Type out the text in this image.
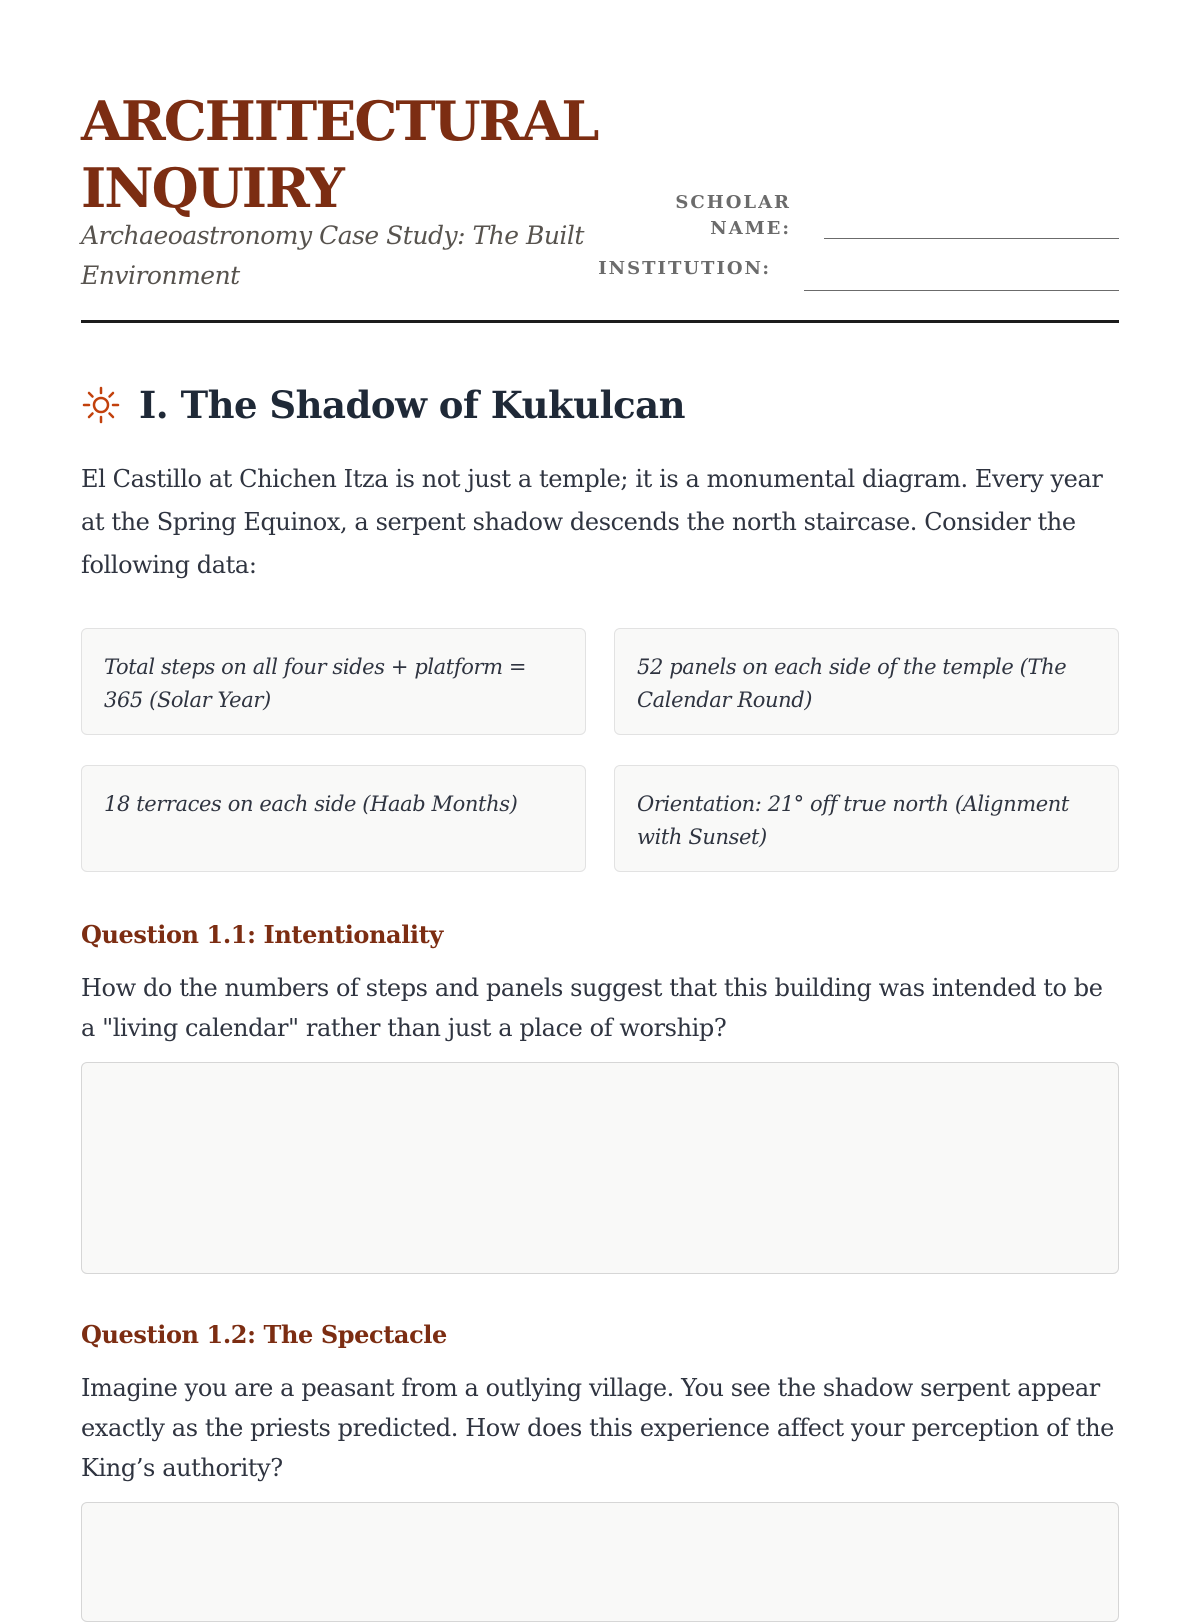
ARCHITECTURAL
INQUIRY
Archaeoastronomy Case Study: The Built Environment
SCHOLAR
NAME:
INSTITUTION:
I. The Shadow of Kukulcan
El Castillo at Chichen Itza is not just a temple; it is a monumental diagram. Every year at the Spring Equinox, a serpent shadow descends the north staircase. Consider the following data:
Total steps on all four sides + platform = 365 (Solar Year)
52 panels on each side of the temple (The Calendar Round)
18 terraces on each side (Haab Months)	Orientation: 21° off true north (Alignment with Sunset)
Question 1.1: Intentionality
How do the numbers of steps and panels suggest that this building was intended to be a "living calendar" rather than just a place of worship?
Question 1.2: The Spectacle
Imagine you are a peasant from a outlying village. You see the shadow serpent appear exactly as the priests predicted. How does this experience affect your perception of the King’s authority?
